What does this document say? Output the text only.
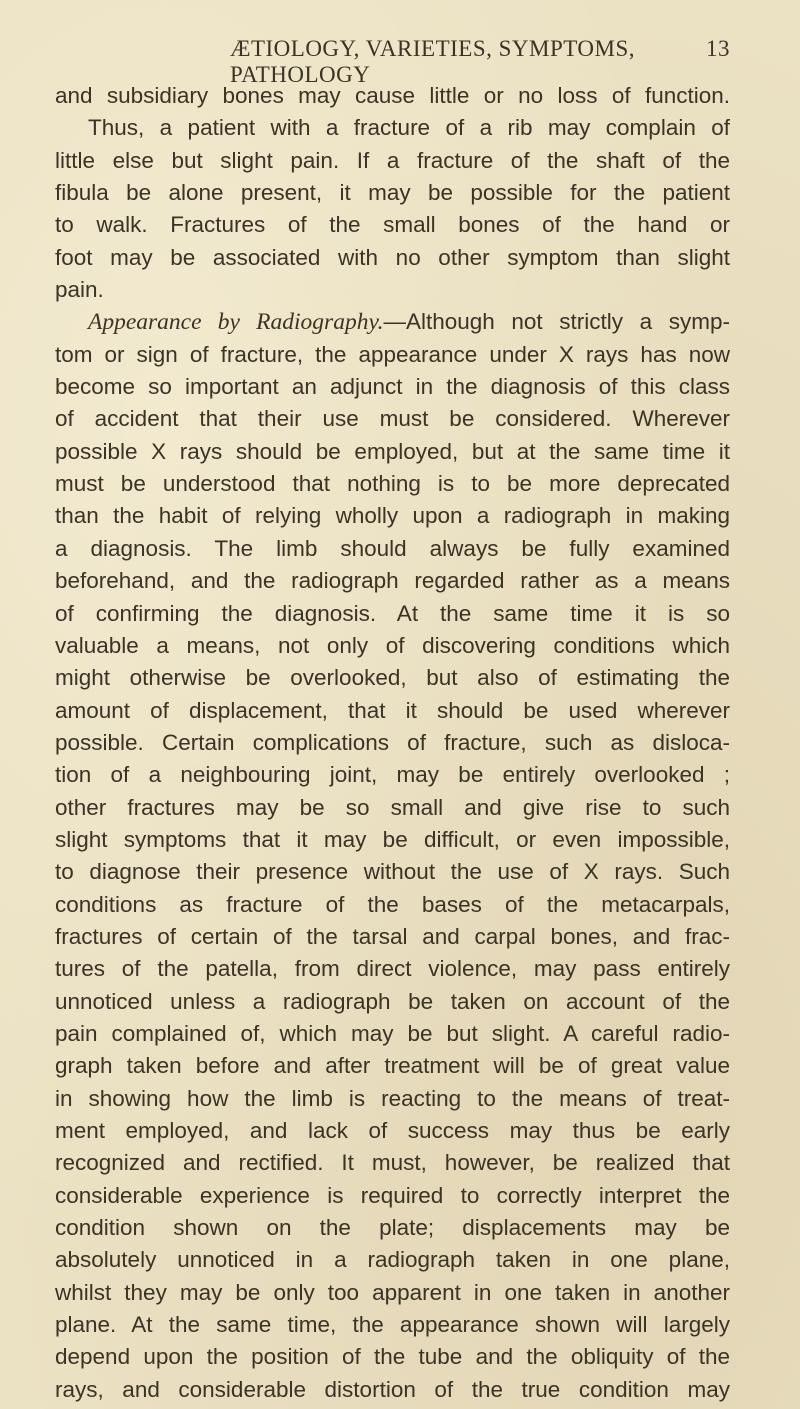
ÆTIOLOGY, VARIETIES, SYMPTOMS, PATHOLOGY
13
and subsidiary bones may cause little or no loss of function.
Thus, a patient with a fracture of a rib may complain of
little else but slight pain. If a fracture of the shaft of the
fibula be alone present, it may be possible for the patient
to walk. Fractures of the small bones of the hand or
foot may be associated with no other symptom than slight
pain.
Appearance by Radiography.—Although not strictly a symp-
tom or sign of fracture, the appearance under X rays has now
become so important an adjunct in the diagnosis of this class
of accident that their use must be considered. Wherever
possible X rays should be employed, but at the same time it
must be understood that nothing is to be more deprecated
than the habit of relying wholly upon a radiograph in making
a diagnosis. The limb should always be fully examined
beforehand, and the radiograph regarded rather as a means
of confirming the diagnosis. At the same time it is so
valuable a means, not only of discovering conditions which
might otherwise be overlooked, but also of estimating the
amount of displacement, that it should be used wherever
possible. Certain complications of fracture, such as disloca-
tion of a neighbouring joint, may be entirely overlooked ;
other fractures may be so small and give rise to such
slight symptoms that it may be difficult, or even impossible,
to diagnose their presence without the use of X rays. Such
conditions as fracture of the bases of the metacarpals,
fractures of certain of the tarsal and carpal bones, and frac-
tures of the patella, from direct violence, may pass entirely
unnoticed unless a radiograph be taken on account of the
pain complained of, which may be but slight. A careful radio-
graph taken before and after treatment will be of great value
in showing how the limb is reacting to the means of treat-
ment employed, and lack of success may thus be early
recognized and rectified. It must, however, be realized that
considerable experience is required to correctly interpret the
condition shown on the plate; displacements may be
absolutely unnoticed in a radiograph taken in one plane,
whilst they may be only too apparent in one taken in another
plane. At the same time, the appearance shown will largely
depend upon the position of the tube and the obliquity of the
rays, and considerable distortion of the true condition may
